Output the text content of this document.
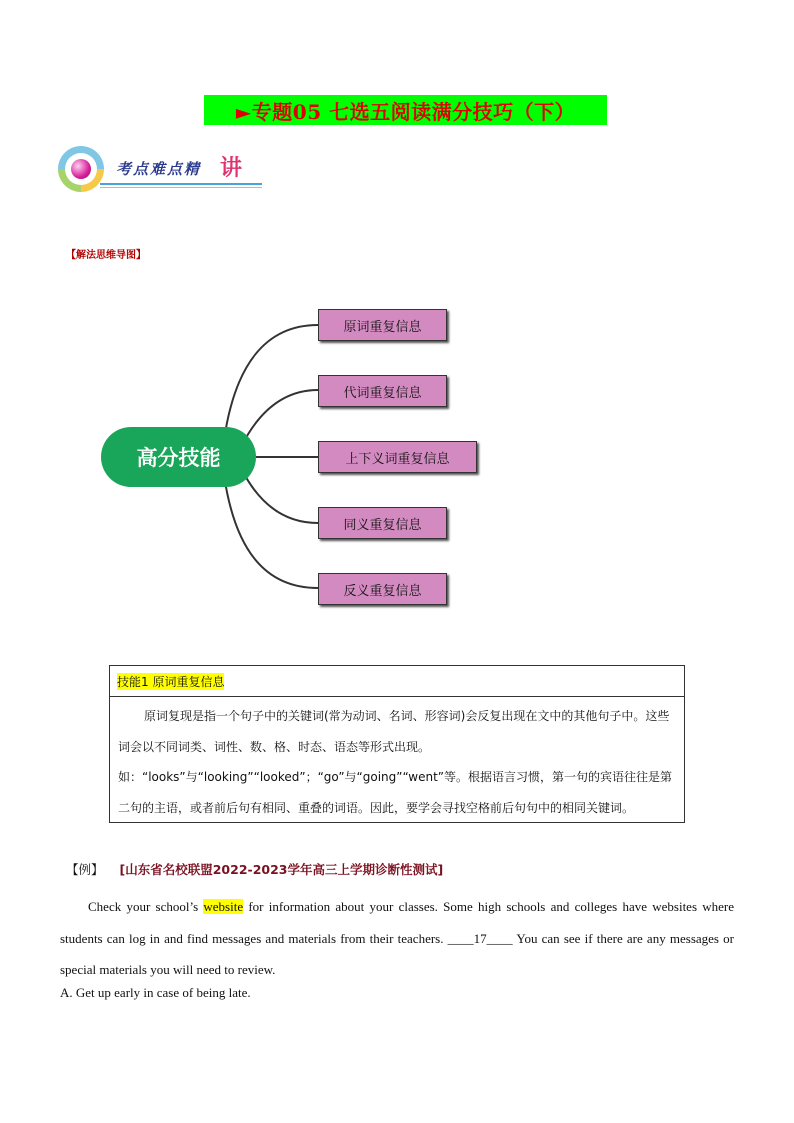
►专题05 七选五阅读满分技巧（下）
考点难点精 讲
【解法思维导图】
高分技能
原词重复信息
代词重复信息
上下义词重复信息
同义重复信息
反义重复信息
技能1 原词重复信息
原词复现是指一个句子中的关键词(常为动词、名词、形容词)会反复出现在文中的其他句子中。这些词会以不同词类、词性、数、格、时态、语态等形式出现。如：“looks”与“looking”“looked”；“go”与“going”“went”等。根据语言习惯，第一句的宾语往往是第二句的主语，或者前后句有相同、重叠的词语。因此，要学会寻找空格前后句句中的相同关键词。
【例】 [山东省名校联盟2022-2023学年高三上学期诊断性测试]
Check your school’s website for information about your classes. Some high schools and colleges have websites where students can log in and find messages and materials from their teachers. ____17____ You can see if there are any messages or special materials you will need to review.
A. Get up early in case of being late.
